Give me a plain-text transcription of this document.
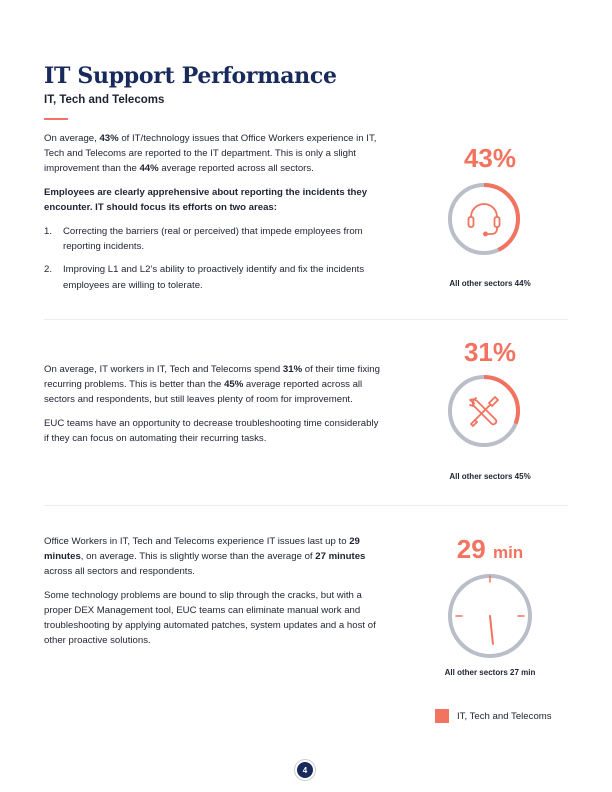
IT Support Performance
IT, Tech and Telecoms

On average, 43% of IT/technology issues that Office Workers experience in IT, Tech and Telecoms are reported to the IT department. This is only a slight improvement than the 44% average reported across all sectors.

Employees are clearly apprehensive about reporting the incidents they encounter. IT should focus its efforts on two areas:

1. Correcting the barriers (real or perceived) that impede employees from reporting incidents.
2. Improving L1 and L2’s ability to proactively identify and fix the incidents employees are willing to tolerate.
43%
All other sectors 44%

On average, IT workers in IT, Tech and Telecoms spend 31% of their time fixing recurring problems. This is better than the 45% average reported across all sectors and respondents, but still leaves plenty of room for improvement.

EUC teams have an opportunity to decrease troubleshooting time considerably if they can focus on automating their recurring tasks.

31%
All other sectors 45%

Office Workers in IT, Tech and Telecoms experience IT issues last up to 29 minutes, on average. This is slightly worse than the average of 27 minutes across all sectors and respondents.

Some technology problems are bound to slip through the cracks, but with a proper DEX Management tool, EUC teams can eliminate manual work and troubleshooting by applying automated patches, system updates and a host of other proactive solutions.

29 min
All other sectors 27 min
IT, Tech and Telecoms
4
